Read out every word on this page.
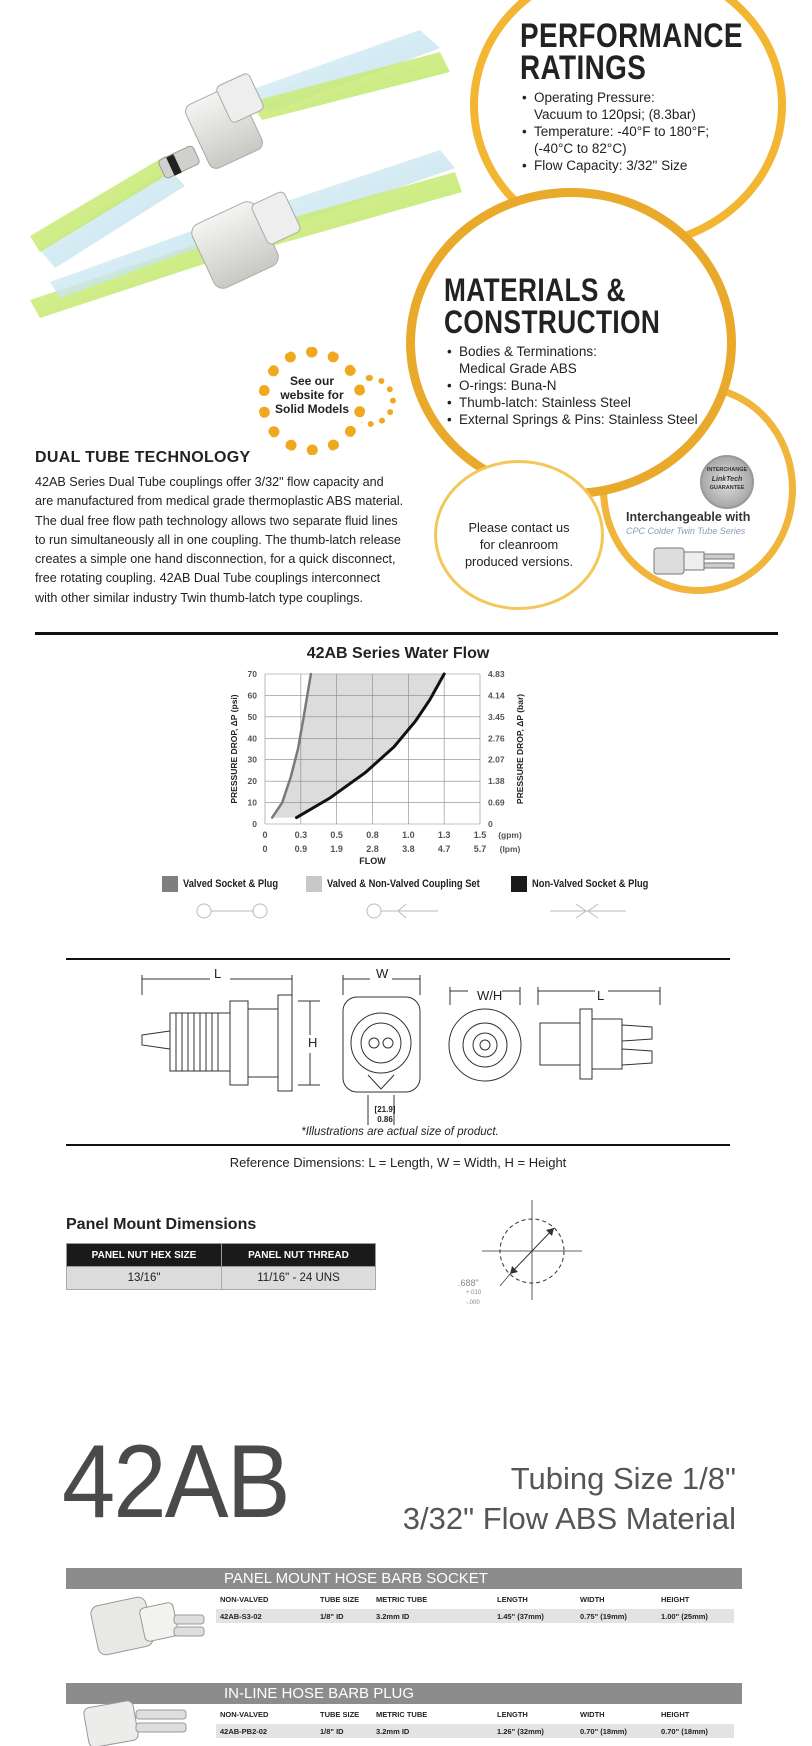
PERFORMANCE
RATINGS
• Operating Pressure:
Vacuum to 120psi; (8.3bar)
• Temperature: -40°F to 180°F;
(-40°C to 82°C)
• Flow Capacity: 3/32" Size
MATERIALS &
CONSTRUCTION
• Bodies & Terminations:
Medical Grade ABS
• O-rings: Buna-N
• Thumb-latch: Stainless Steel
• External Springs & Pins: Stainless Steel
INTERCHANGE
LinkTech
GUARANTEE
Interchangeable with
CPC Colder Twin Tube Series
Please contact us for cleanroom produced versions.
See our website for Solid Models
DUAL TUBE TECHNOLOGY
42AB Series Dual Tube couplings offer 3/32" flow capacity and
are manufactured from medical grade thermoplastic ABS material.
The dual free flow path technology allows two separate fluid lines
to run simultaneously all in one coupling. The thumb-latch release
creates a simple one hand disconnection, for a quick disconnect,
free rotating coupling. 42AB Dual Tube couplings interconnect
with other similar industry Twin thumb-latch type couplings.
42AB Series Water Flow
0
10
20
30
40
50
60
70
0
0.69
1.38
2.07
2.76
3.45
4.14
4.83
0	0.3	0.5	0.8	1.0	1.3	1.5
0	0.9	1.9	2.8	3.8	4.7	5.7
(gpm)
(lpm)
FLOW
PRESSURE DROP, ΔP (psi)	PRESSURE DROP, ΔP (bar)
Valved Socket & Plug	Valved & Non-Valved Coupling Set	Non-Valved Socket & Plug
L	W
H
W/H	L
[21.9]
0.86
*Illustrations are actual size of product.
Reference Dimensions: L = Length, W = Width, H = Height
Panel Mount Dimensions
PANEL NUT HEX SIZE	PANEL NUT THREAD
13/16"	11/16" - 24 UNS	.688"
+.010
-.000
42AB	Tubing Size 1/8"
3/32" Flow ABS Material
PANEL MOUNT HOSE BARB SOCKET
NON-VALVED	TUBE SIZE METRIC TUBE	LENGTH	WIDTH	HEIGHT
42AB-S3-02	1/8" ID	3.2mm ID	1.45" (37mm)	0.75" (19mm)	1.00" (25mm)
IN-LINE HOSE BARB PLUG
NON-VALVED	TUBE SIZE METRIC TUBE	LENGTH	WIDTH	HEIGHT
42AB-PB2-02	1/8" ID	3.2mm ID	1.26" (32mm)	0.70" (18mm)	0.70" (18mm)
